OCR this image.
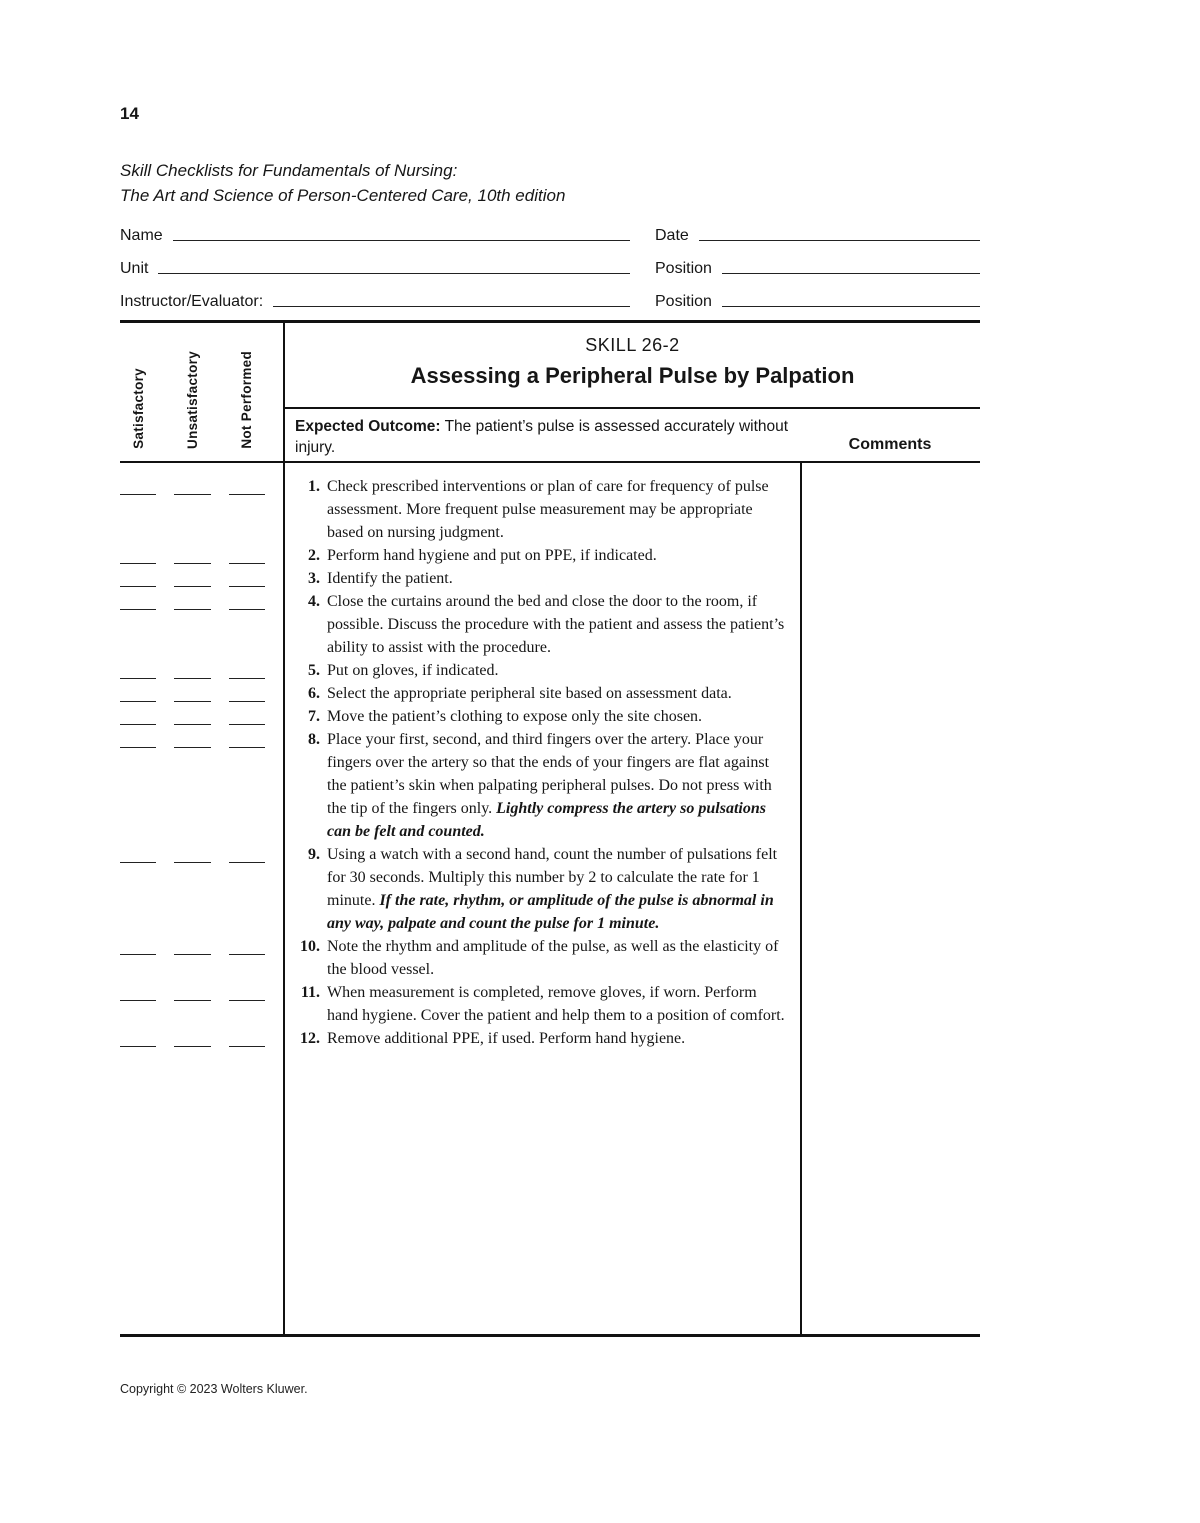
14
Skill Checklists for Fundamentals of Nursing:
The Art and Science of Person-Centered Care, 10th edition
Name	Date
Unit	Position
Instructor/Evaluator:	Position
Satisfactory	Unsatisfactory	Not Performed
SKILL 26-2
Assessing a Peripheral Pulse by Palpation
Expected Outcome: The patient’s pulse is assessed accurately without injury.	Comments
1. Check prescribed interventions or plan of care for frequency of pulse assessment. More frequent pulse measurement may be appropriate based on nursing judgment.
2. Perform hand hygiene and put on PPE, if indicated.
3. Identify the patient.
4. Close the curtains around the bed and close the door to the room, if possible. Discuss the procedure with the patient and assess the patient’s ability to assist with the procedure.
5. Put on gloves, if indicated.
6. Select the appropriate peripheral site based on assessment data.
7. Move the patient’s clothing to expose only the site chosen.
8. Place your first, second, and third fingers over the artery. Place your fingers over the artery so that the ends of your fingers are flat against the patient’s skin when palpating peripheral pulses. Do not press with the tip of the fingers only. Lightly compress the artery so pulsations can be felt and counted.
9. Using a watch with a second hand, count the number of pulsations felt for 30 seconds. Multiply this number by 2 to calculate the rate for 1 minute. If the rate, rhythm, or amplitude of the pulse is abnormal in any way, palpate and count the pulse for 1 minute.
10. Note the rhythm and amplitude of the pulse, as well as the elasticity of the blood vessel.
11. When measurement is completed, remove gloves, if worn. Perform hand hygiene. Cover the patient and help them to a position of comfort.
12. Remove additional PPE, if used. Perform hand hygiene.
Copyright © 2023 Wolters Kluwer.
